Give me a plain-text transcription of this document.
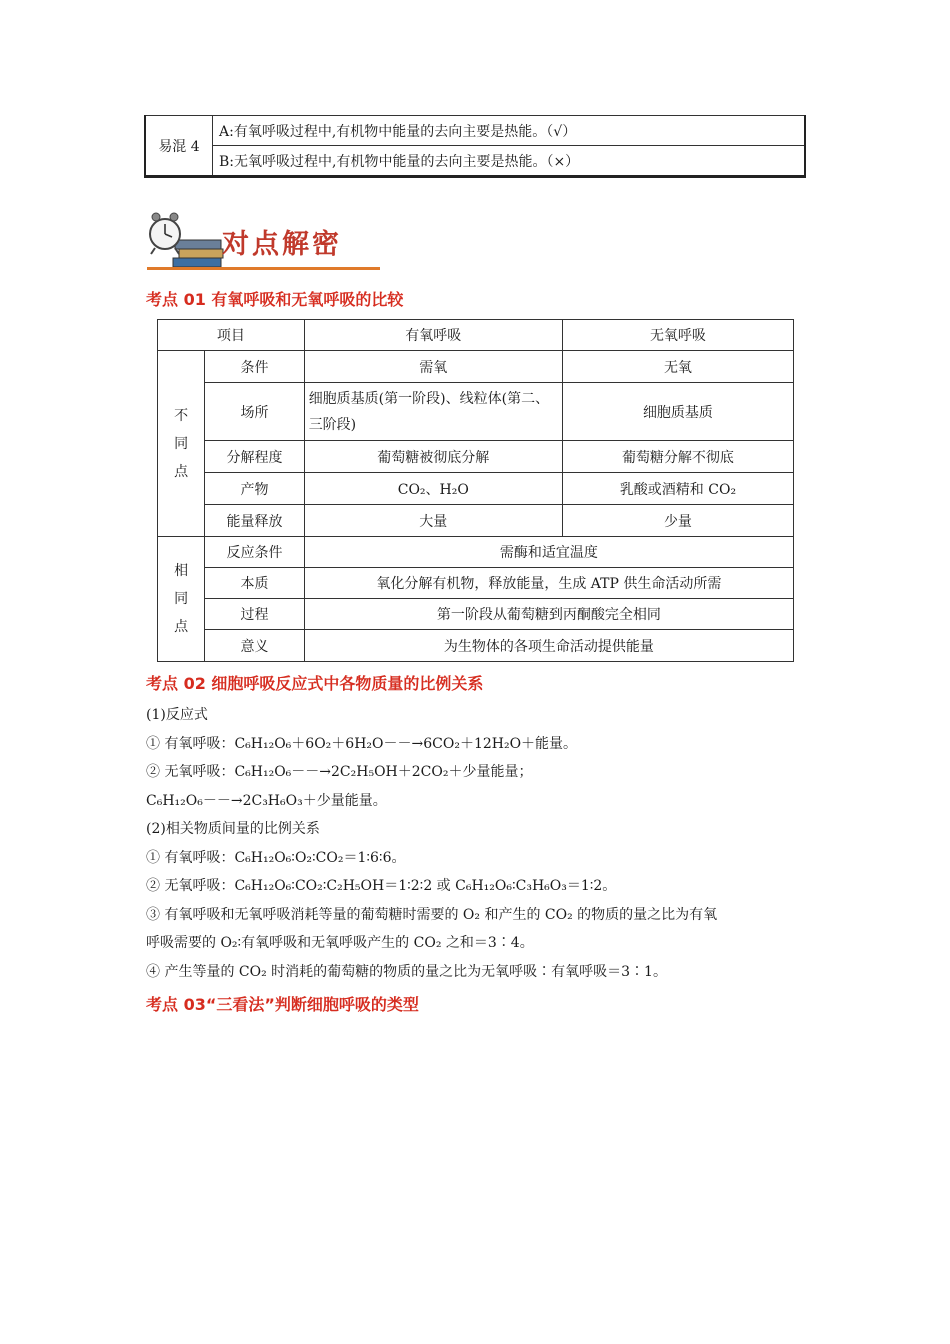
易混 4	A:有氧呼吸过程中,有机物中能量的去向主要是热能。（√）
B:无氧呼吸过程中,有机物中能量的去向主要是热能。（×）
对点解密
考点 01 有氧呼吸和无氧呼吸的比较
项目		有氧呼吸	无氧呼吸

不
同
点	条件	需氧	无氧
	场所	细胞质基质(第一阶段)、线粒体(第二、三阶段)	细胞质基质
	分解程度	葡萄糖被彻底分解	葡萄糖分解不彻底
	产物	CO₂、H₂O	乳酸或酒精和 CO₂
	能量释放	大量	少量

相
同
点	反应条件	需酶和适宜温度	
	本质	氧化分解有机物，释放能量，生成 ATP 供生命活动所需	
	过程	第一阶段从葡萄糖到丙酮酸完全相同	
	意义	为生物体的各项生命活动提供能量	
考点 02 细胞呼吸反应式中各物质量的比例关系
(1)反应式
① 有氧呼吸：C₆H₁₂O₆＋6O₂＋6H₂O－－→6CO₂＋12H₂O＋能量。
② 无氧呼吸：C₆H₁₂O₆－－→2C₂H₅OH＋2CO₂＋少量能量；
C₆H₁₂O₆－－→2C₃H₆O₃＋少量能量。
(2)相关物质间量的比例关系
① 有氧呼吸：C₆H₁₂O₆∶O₂∶CO₂＝1∶6∶6。
② 无氧呼吸：C₆H₁₂O₆∶CO₂∶C₂H₅OH＝1∶2∶2 或 C₆H₁₂O₆∶C₃H₆O₃＝1∶2。
③ 有氧呼吸和无氧呼吸消耗等量的葡萄糖时需要的 O₂ 和产生的 CO₂ 的物质的量之比为有氧
呼吸需要的 O₂∶有氧呼吸和无氧呼吸产生的 CO₂ 之和＝3∶4。
④ 产生等量的 CO₂ 时消耗的葡萄糖的物质的量之比为无氧呼吸∶有氧呼吸＝3∶1。
考点 03“三看法”判断细胞呼吸的类型
